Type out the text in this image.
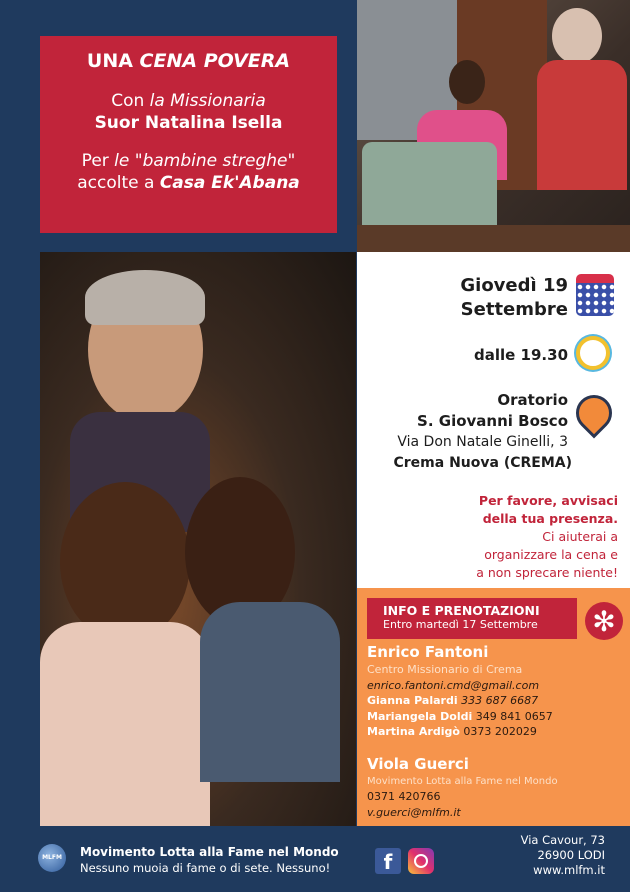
UNA CENA POVERA
Con la Missionaria
Suor Natalina Isella
Per le "bambine streghe"
accolte a Casa Ek'Abana
Giovedì 19
Settembre
dalle 19.30
Oratorio
S. Giovanni Bosco
Via Don Natale Ginelli, 3
Crema Nuova (CREMA)
Per favore, avvisaci
della tua presenza.
Ci aiuterai a
organizzare la cena e
a non sprecare niente!
INFO E PRENOTAZIONI
Entro martedì 17 Settembre	✻
Enrico Fantoni
Centro Missionario di Crema
enrico.fantoni.cmd@gmail.com
Gianna Palardi 333 687 6687
Mariangela Doldi 349 841 0657
Martina Ardigò 0373 202029
Viola Guerci
Movimento Lotta alla Fame nel Mondo
0371 420766
v.guerci@mlfm.it
MLFM	Movimento Lotta alla Fame nel Mondo
Nessuno muoia di fame o di sete. Nessuno!	f
Via Cavour, 73
26900 LODI
www.mlfm.it
